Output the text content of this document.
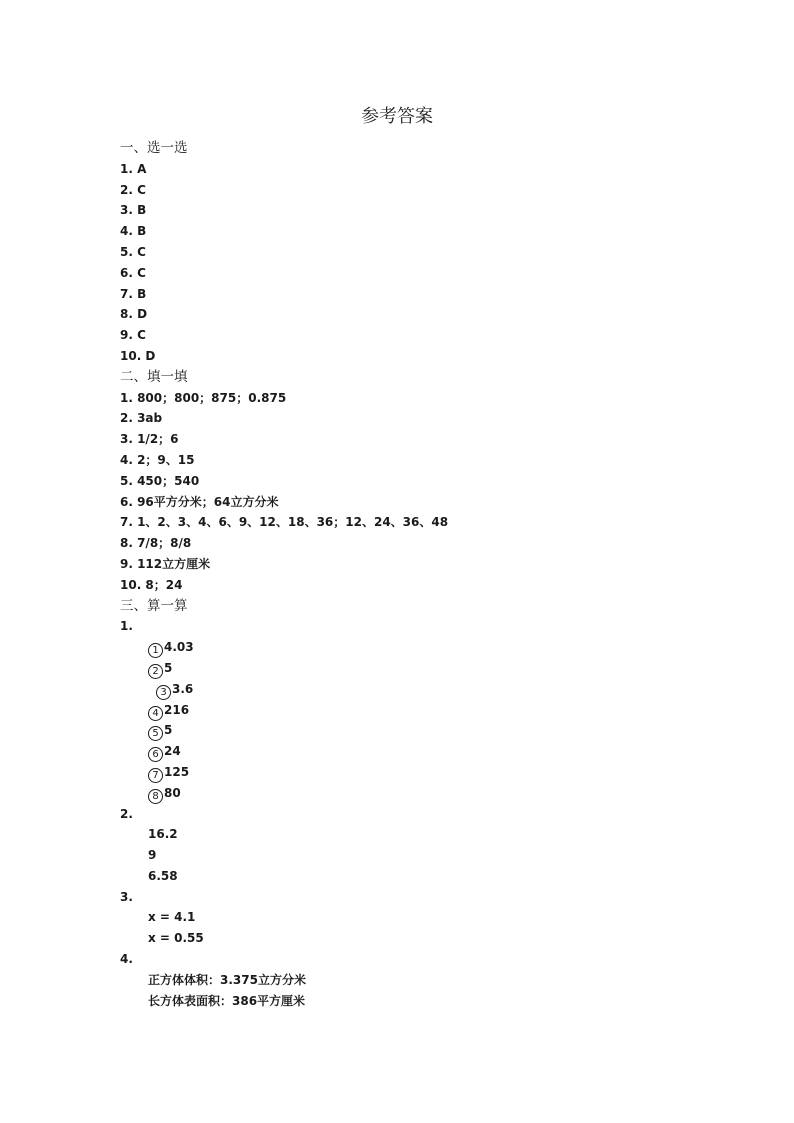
参考答案
一、选一选
1. A
2. C
3. B
4. B
5. C
6. C
7. B
8. D
9. C
10. D
二、填一填
1. 800；800；875；0.875
2. 3ab
3. 1/2；6
4. 2；9、15
5. 450；540
6. 96平方分米；64立方分米
7. 1、2、3、4、6、9、12、18、36；12、24、36、48
8. 7/8；8/8
9. 112立方厘米
10. 8；24
三、算一算
1.
1 4.03
2 5
3 3.6
4 216
5 5
6 24
7 125
8 80
2.
16.2
9
6.58
3.
x = 4.1
x = 0.55
4.
正方体体积：3.375立方分米
长方体表面积：386平方厘米
